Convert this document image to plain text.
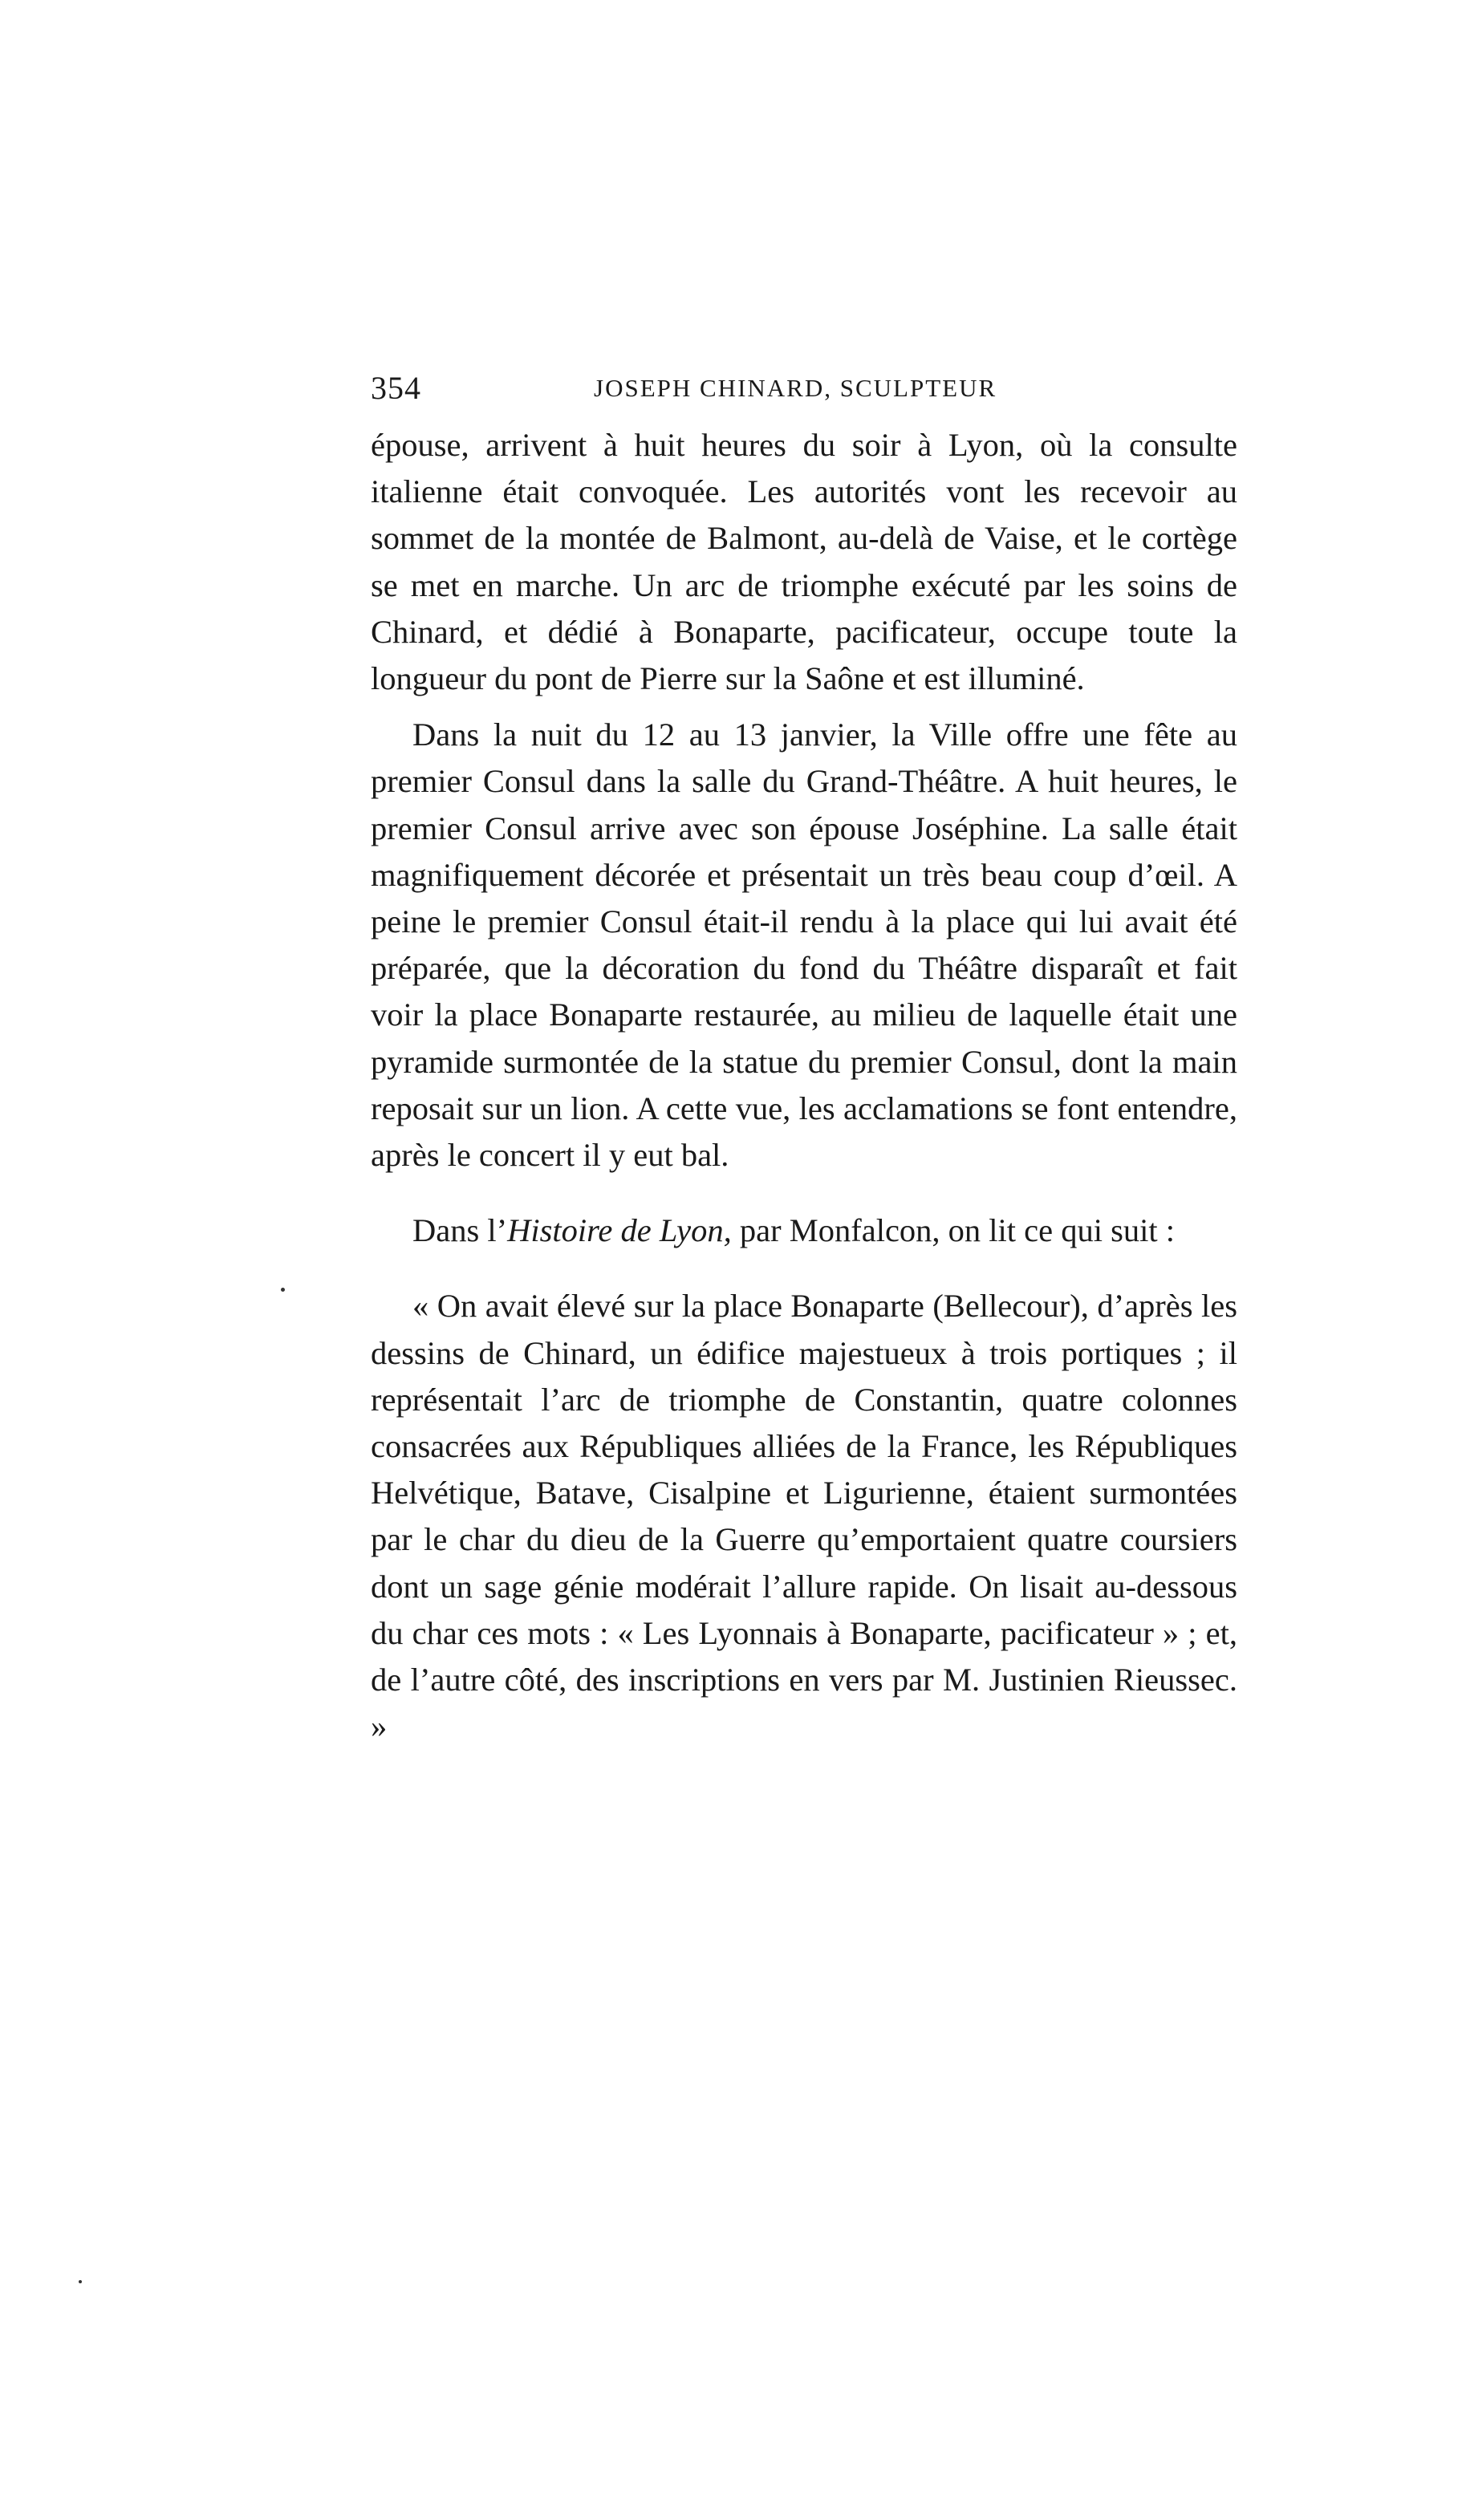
354	JOSEPH CHINARD, SCULPTEUR

épouse, arrivent à huit heures du soir à Lyon, où la consulte italienne était convoquée. Les autorités vont les recevoir au sommet de la montée de Balmont, au-delà de Vaise, et le cortège se met en marche. Un arc de triomphe exécuté par les soins de Chinard, et dédié à Bonaparte, pacificateur, occupe toute la longueur du pont de Pierre sur la Saône et est illuminé.

Dans la nuit du 12 au 13 janvier, la Ville offre une fête au premier Consul dans la salle du Grand-Théâtre. A huit heures, le premier Consul arrive avec son épouse Joséphine. La salle était magnifiquement décorée et présentait un très beau coup d’œil. A peine le premier Consul était-il rendu à la place qui lui avait été préparée, que la décoration du fond du Théâtre disparaît et fait voir la place Bonaparte restaurée, au milieu de laquelle était une pyramide surmontée de la statue du premier Consul, dont la main reposait sur un lion. A cette vue, les acclamations se font entendre, après le concert il y eut bal.

Dans l’Histoire de Lyon, par Monfalcon, on lit ce qui suit :

« On avait élevé sur la place Bonaparte (Bellecour), d’après les dessins de Chinard, un édifice majestueux à trois portiques ; il représentait l’arc de triomphe de Constantin, quatre colonnes consacrées aux Républiques alliées de la France, les Républiques Helvétique, Batave, Cisalpine et Ligurienne, étaient surmontées par le char du dieu de la Guerre qu’emportaient quatre coursiers dont un sage génie modérait l’allure rapide. On lisait au-dessous du char ces mots : « Les Lyonnais à Bonaparte, pacificateur » ; et, de l’autre côté, des inscriptions en vers par M. Justinien Rieussec. »
